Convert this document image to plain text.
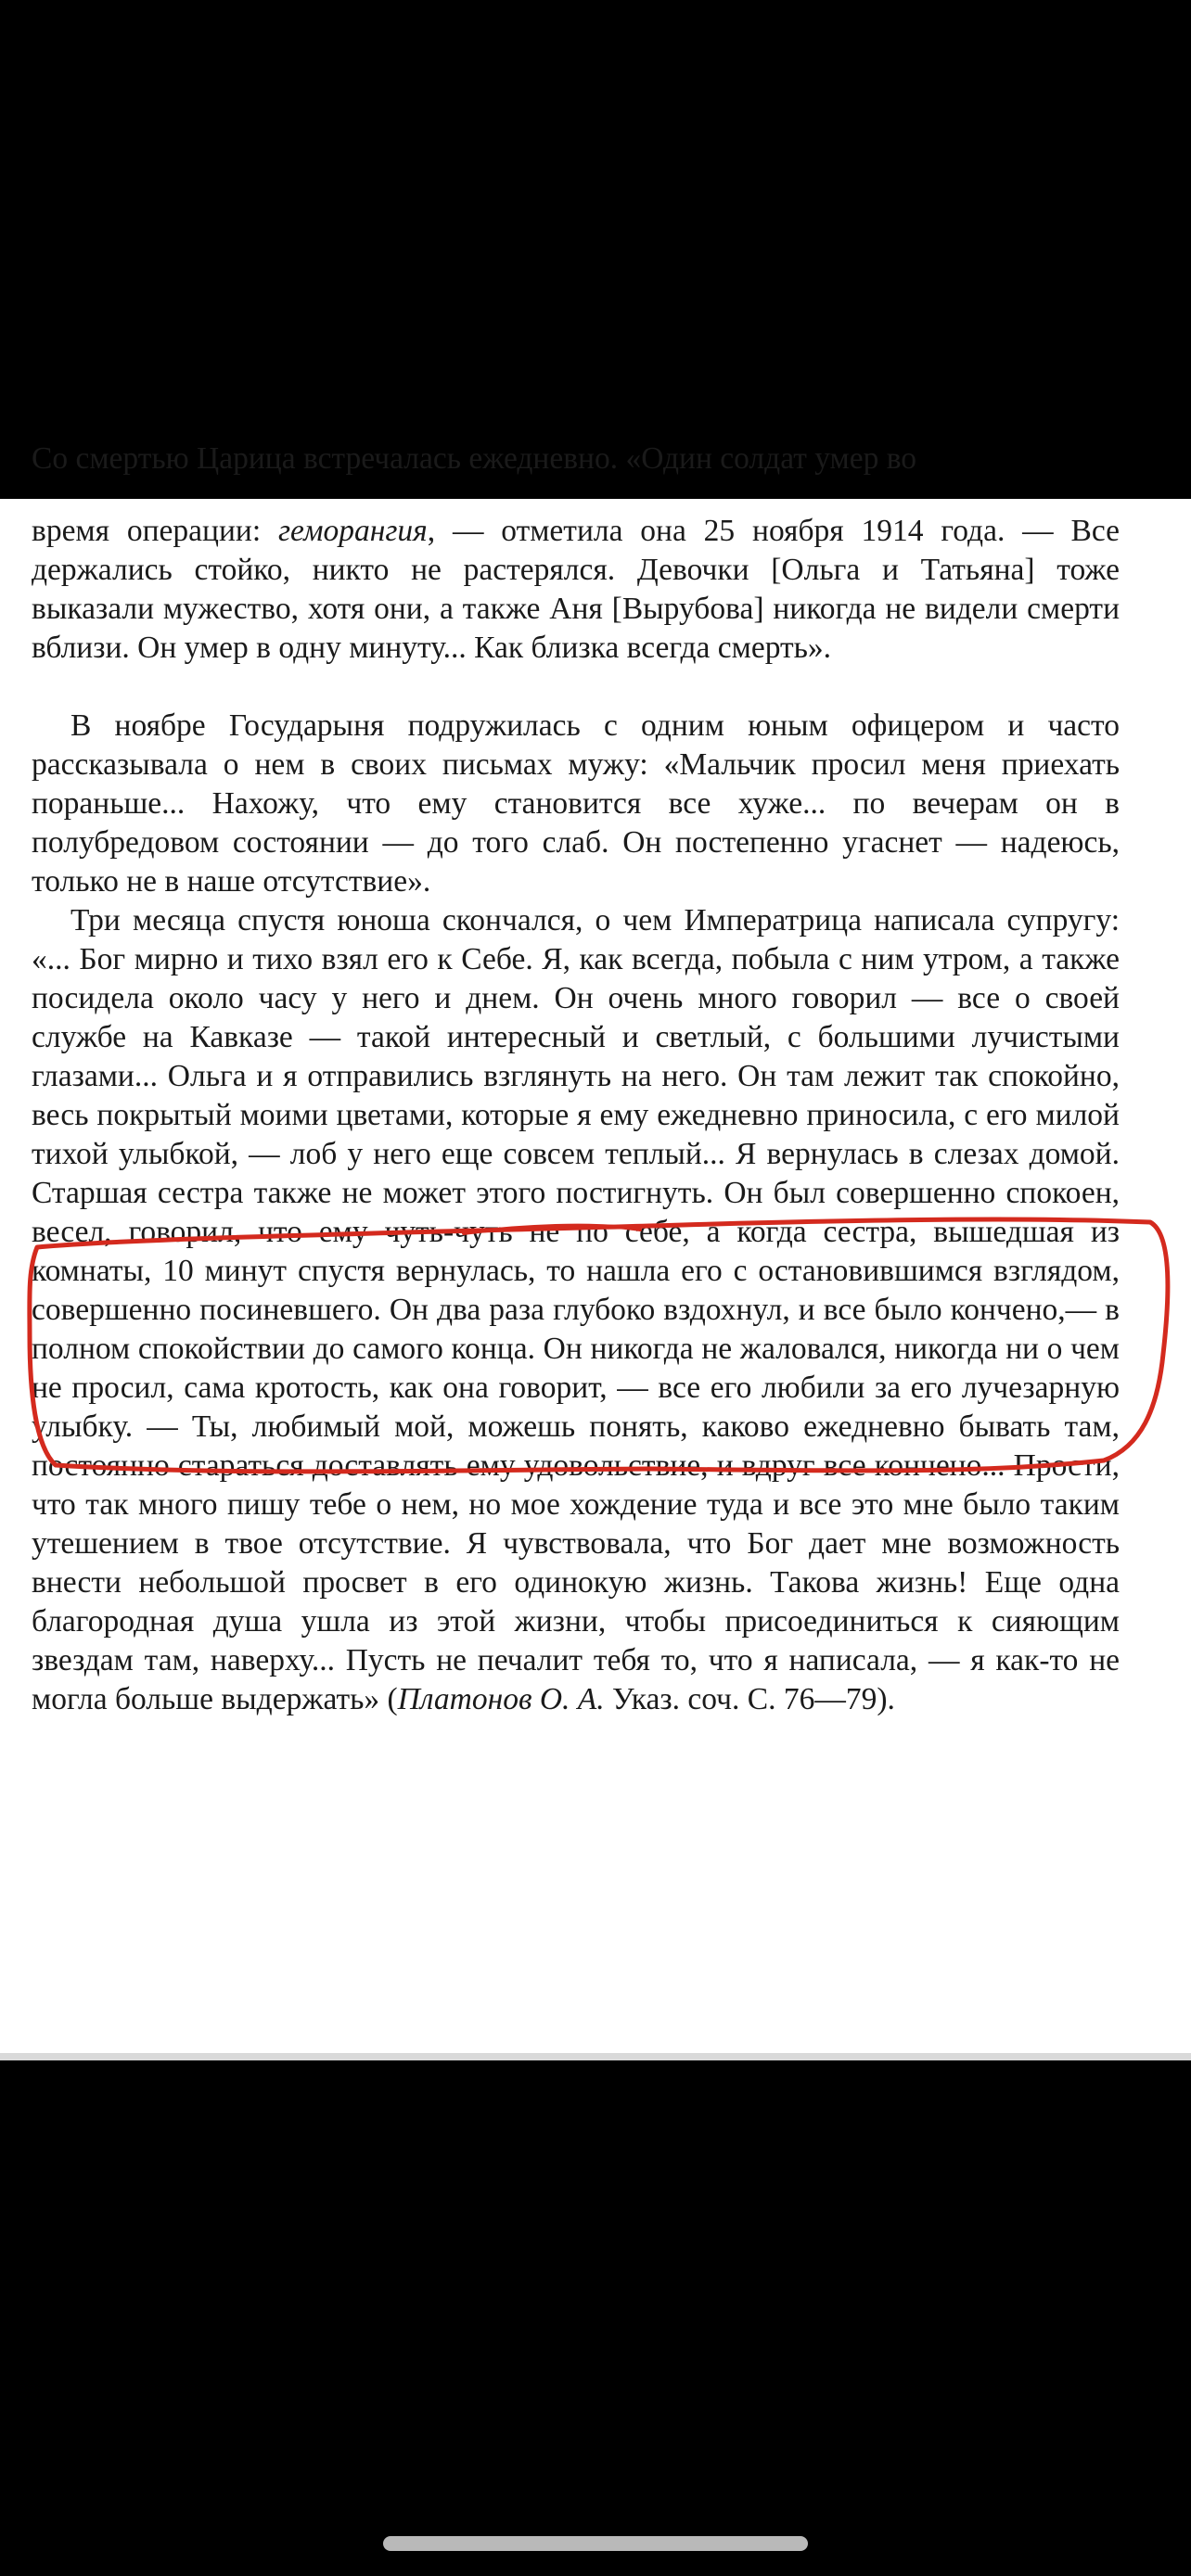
Со смертью Царица встречалась ежедневно. «Один солдат умер во

время операции: геморангия, — отметила она 25 ноября 1914 года. — Все держались стойко, никто не растерялся. Девочки [Ольга и Татьяна] тоже выказали мужество, хотя они, а также Аня [Вырубова] никогда не видели смерти вблизи. Он умер в одну минуту... Как близка всегда смерть».

В ноябре Государыня подружилась с одним юным офицером и часто рассказывала о нем в своих письмах мужу: «Мальчик просил меня приехать пораньше... Нахожу, что ему становится все хуже... по вечерам он в полубредовом состоянии — до того слаб. Он постепенно угаснет — надеюсь, только не в наше отсутствие».

Три месяца спустя юноша скончался, о чем Императрица написала супругу: «... Бог мирно и тихо взял его к Себе. Я, как всегда, побыла с ним утром, а также посидела около часу у него и днем. Он очень много говорил — все о своей службе на Кавказе — такой интересный и светлый, с большими лучистыми глазами... Ольга и я отправились взглянуть на него. Он там лежит так спокойно, весь покрытый моими цветами, которые я ему ежедневно приносила, с его милой тихой улыбкой, — лоб у него еще совсем теплый... Я вернулась в слезах домой. Старшая сестра также не может этого постигнуть. Он был совершенно спокоен, весел, говорил, что ему чуть-чуть не по себе, а когда сестра, вышедшая из комнаты, 10 минут спустя вернулась, то нашла его с остановившимся взглядом, совершенно посиневшего. Он два раза глубоко вздохнул, и все было кончено,— в полном спокойствии до самого конца. Он никогда не жаловался, никогда ни о чем не просил, сама кротость, как она говорит, — все его любили за его лучезарную улыбку. — Ты, любимый мой, можешь понять, каково ежедневно бывать там, постоянно стараться доставлять ему удовольствие, и вдруг все кончено... Прости, что так много пишу тебе о нем, но мое хождение туда и все это мне было таким утешением в твое отсутствие. Я чувствовала, что Бог дает мне возможность внести небольшой просвет в его одинокую жизнь. Такова жизнь! Еще одна благородная душа ушла из этой жизни, чтобы присоединиться к сияющим звездам там, наверху... Пусть не печалит тебя то, что я написала, — я как-то не могла больше выдержать» (Платонов О. А. Указ. соч. С. 76—79).
